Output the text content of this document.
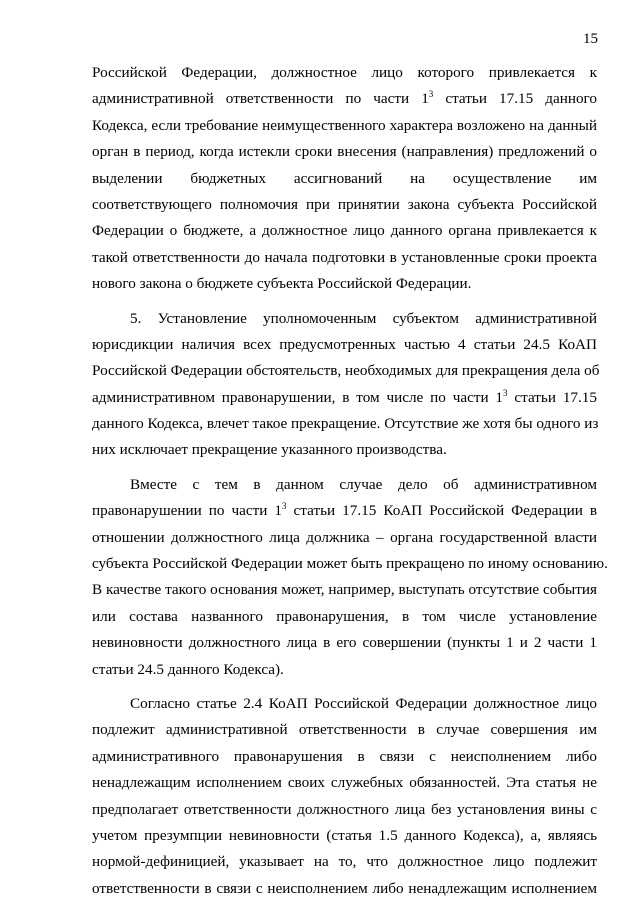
15
Российской Федерации, должностное лицо которого привлекается к
административной ответственности по части $1^3$ статьи 17.15 данного
Кодекса, если требование неимущественного характера возложено на данный
орган в период, когда истекли сроки внесения (направления) предложений о
выделении бюджетных ассигнований на осуществление им
соответствующего полномочия при принятии закона субъекта Российской
Федерации о бюджете, а должностное лицо данного органа привлекается к
такой ответственности до начала подготовки в установленные сроки проекта
нового закона о бюджете субъекта Российской Федерации.
5. Установление уполномоченным субъектом административной
юрисдикции наличия всех предусмотренных частью 4 статьи 24.5 КоАП
Российской Федерации обстоятельств, необходимых для прекращения дела об
административном правонарушении, в том числе по части $1^3$ статьи 17.15
данного Кодекса, влечет такое прекращение. Отсутствие же хотя бы одного из
них исключает прекращение указанного производства.
Вместе с тем в данном случае дело об административном
правонарушении по части $1^3$ статьи 17.15 КоАП Российской Федерации в
отношении должностного лица должника – органа государственной власти
субъекта Российской Федерации может быть прекращено по иному основанию.
В качестве такого основания может, например, выступать отсутствие события
или состава названного правонарушения, в том числе установление
невиновности должностного лица в его совершении (пункты 1 и 2 части 1
статьи 24.5 данного Кодекса).
Согласно статье 2.4 КоАП Российской Федерации должностное лицо
подлежит административной ответственности в случае совершения им
административного правонарушения в связи с неисполнением либо
ненадлежащим исполнением своих служебных обязанностей. Эта статья не
предполагает ответственности должностного лица без установления вины с
учетом презумпции невиновности (статья 1.5 данного Кодекса), а, являясь
нормой-дефиницией, указывает на то, что должностное лицо подлежит
ответственности в связи с неисполнением либо ненадлежащим исполнением
